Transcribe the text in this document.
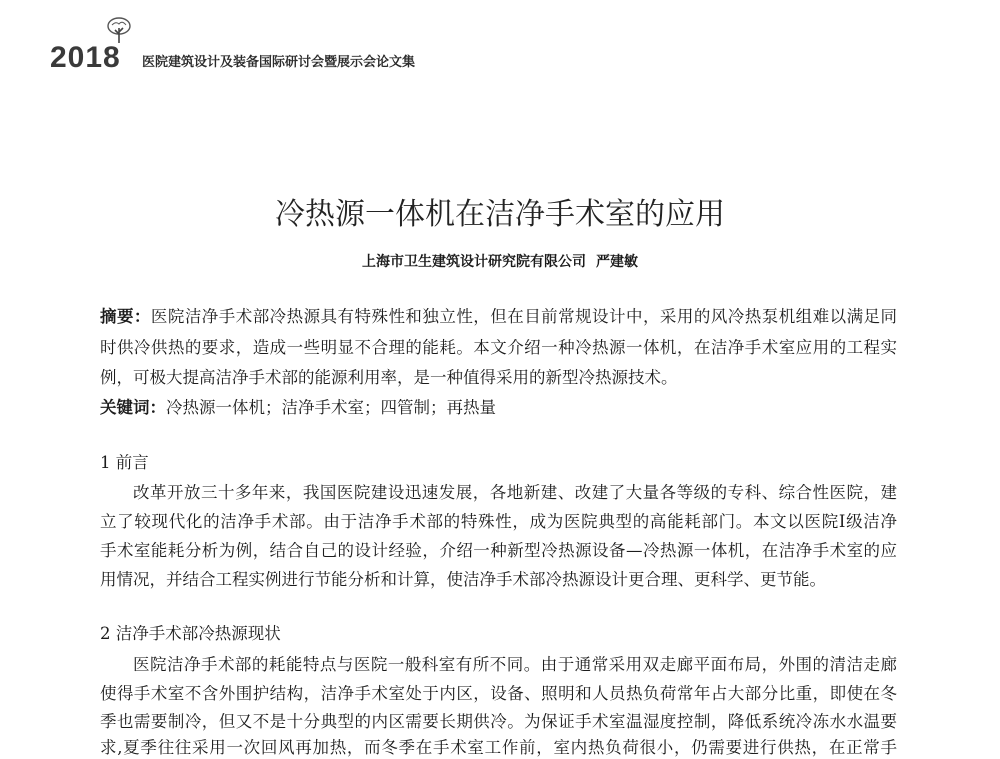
2018 医院建筑设计及装备国际研讨会暨展示会论文集
冷热源一体机在洁净手术室的应用
上海市卫生建筑设计研究院有限公司 严建敏
摘要：医院洁净手术部冷热源具有特殊性和独立性，但在目前常规设计中，采用的风冷热泵机组难以满足同
时供冷供热的要求，造成一些明显不合理的能耗。本文介绍一种冷热源一体机，在洁净手术室应用的工程实
例，可极大提高洁净手术部的能源利用率，是一种值得采用的新型冷热源技术。
关键词：冷热源一体机；洁净手术室；四管制；再热量
1 前言
改革开放三十多年来，我国医院建设迅速发展，各地新建、改建了大量各等级的专科、综合性医院，建
立了较现代化的洁净手术部。由于洁净手术部的特殊性，成为医院典型的高能耗部门。本文以医院I级洁净
手术室能耗分析为例，结合自己的设计经验，介绍一种新型冷热源设备—冷热源一体机，在洁净手术室的应
用情况，并结合工程实例进行节能分析和计算，使洁净手术部冷热源设计更合理、更科学、更节能。
2 洁净手术部冷热源现状
医院洁净手术部的耗能特点与医院一般科室有所不同。由于通常采用双走廊平面布局，外围的清洁走廊
使得手术室不含外围护结构，洁净手术室处于内区，设备、照明和人员热负荷常年占大部分比重，即使在冬
季也需要制冷，但又不是十分典型的内区需要长期供冷。为保证手术室温湿度控制，降低系统冷冻水水温要
求,夏季往往采用一次回风再加热，而冬季在手术室工作前，室内热负荷很小，仍需要进行供热，在正常手
